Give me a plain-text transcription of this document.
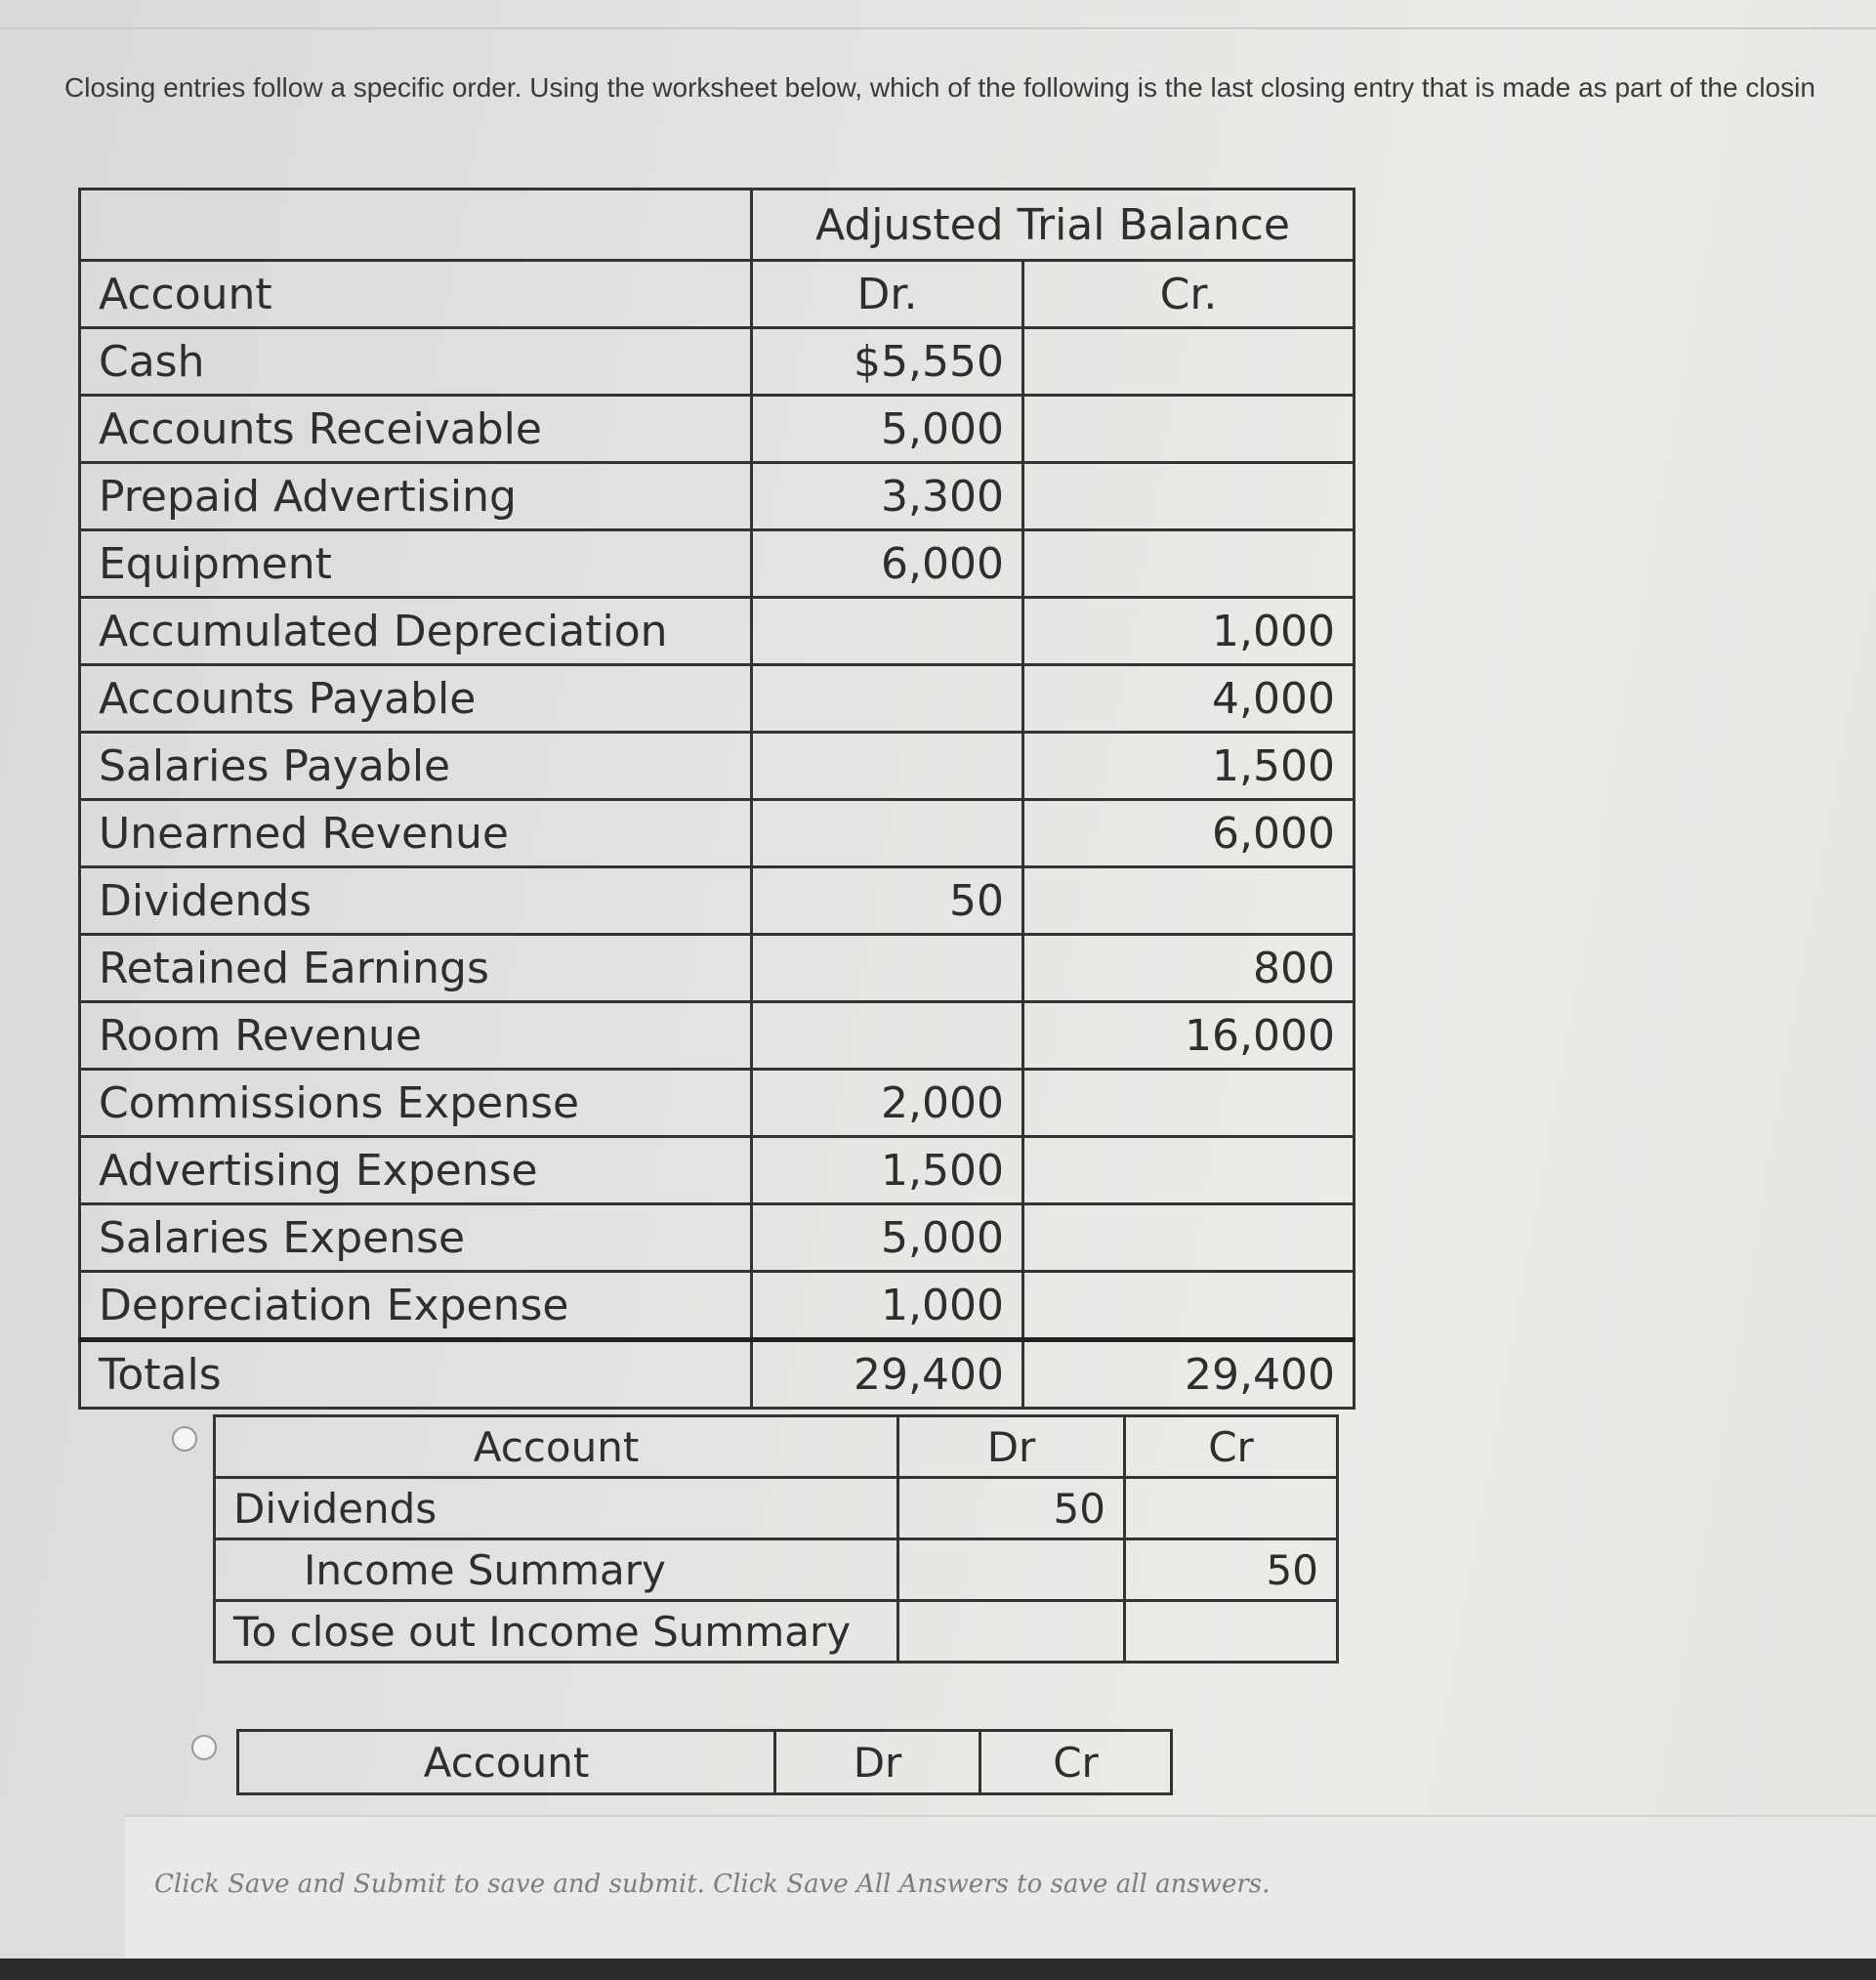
Closing entries follow a specific order. Using the worksheet below, which of the following is the last closing entry that is made as part of the closin
	Adjusted Trial Balance	
Account	Dr.	Cr.
Cash	$5,550	
Accounts Receivable	5,000	
Prepaid Advertising	3,300	
Equipment	6,000	
Accumulated Depreciation		1,000
Accounts Payable		4,000
Salaries Payable		1,500
Unearned Revenue		6,000
Dividends	50	
Retained Earnings		800
Room Revenue		16,000
Commissions Expense	2,000	
Advertising Expense	1,500	
Salaries Expense	5,000	
Depreciation Expense	1,000	
Totals	29,400	29,400
Account	Dr	Cr
Dividends	50	
Income Summary		50
To close out Income Summary		
Account	Dr	Cr
Click Save and Submit to save and submit. Click Save All Answers to save all answers.
